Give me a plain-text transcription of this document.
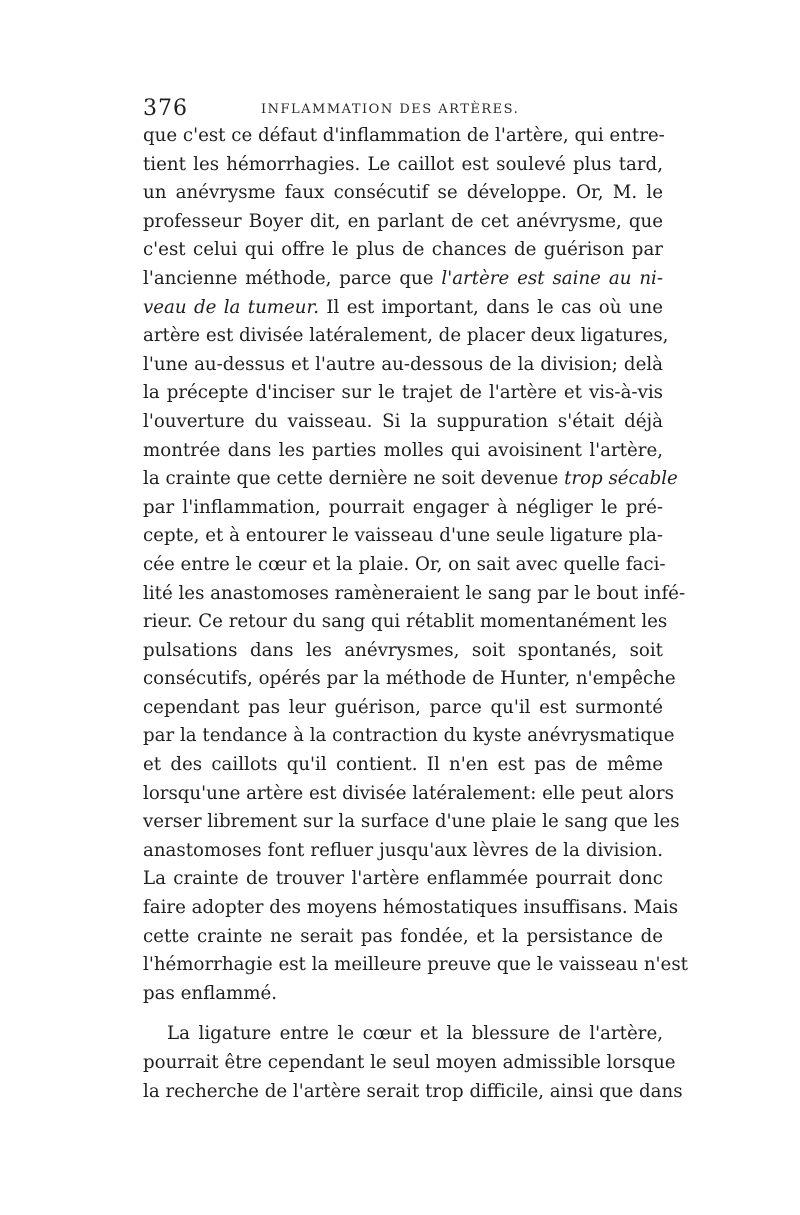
376	INFLAMMATION DES ARTÈRES.
que c'est ce défaut d'inflammation de l'artère, qui entre-
tient les hémorrhagies. Le caillot est soulevé plus tard,
un anévrysme faux consécutif se développe. Or, M. le
professeur Boyer dit, en parlant de cet anévrysme, que
c'est celui qui offre le plus de chances de guérison par
l'ancienne méthode, parce que l'artère est saine au ni-
veau de la tumeur. Il est important, dans le cas où une
artère est divisée latéralement, de placer deux ligatures,
l'une au-dessus et l'autre au-dessous de la division; delà
la précepte d'inciser sur le trajet de l'artère et vis-à-vis
l'ouverture du vaisseau. Si la suppuration s'était déjà
montrée dans les parties molles qui avoisinent l'artère,
la crainte que cette dernière ne soit devenue trop sécable
par l'inflammation, pourrait engager à négliger le pré-
cepte, et à entourer le vaisseau d'une seule ligature pla-
cée entre le cœur et la plaie. Or, on sait avec quelle faci-
lité les anastomoses ramèneraient le sang par le bout infé-
rieur. Ce retour du sang qui rétablit momentanément les
pulsations dans les anévrysmes, soit spontanés, soit
consécutifs, opérés par la méthode de Hunter, n'empêche
cependant pas leur guérison, parce qu'il est surmonté
par la tendance à la contraction du kyste anévrysmatique
et des caillots qu'il contient. Il n'en est pas de même
lorsqu'une artère est divisée latéralement: elle peut alors
verser librement sur la surface d'une plaie le sang que les
anastomoses font refluer jusqu'aux lèvres de la division.
La crainte de trouver l'artère enflammée pourrait donc
faire adopter des moyens hémostatiques insuffisans. Mais
cette crainte ne serait pas fondée, et la persistance de
l'hémorrhagie est la meilleure preuve que le vaisseau n'est
pas enflammé.
La ligature entre le cœur et la blessure de l'artère,
pourrait être cependant le seul moyen admissible lorsque
la recherche de l'artère serait trop difficile, ainsi que dans
